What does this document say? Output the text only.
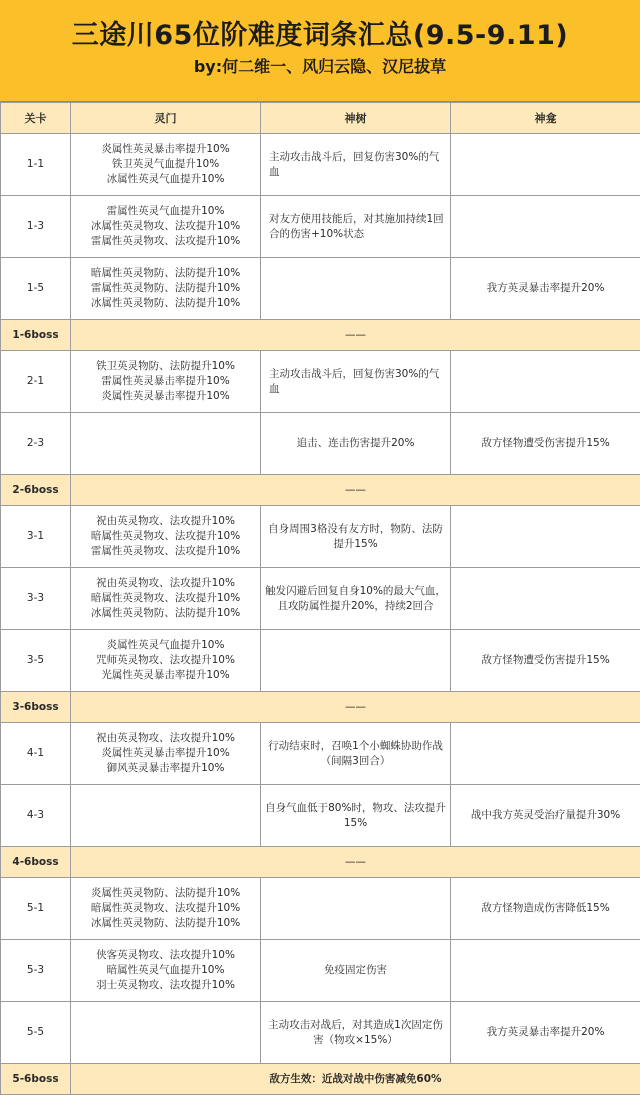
三途川65位阶难度词条汇总(9.5-9.11)
by:何二维一、风归云隐、汉尼拔草
关卡	灵门	神树	神龛
1-1	炎属性英灵暴击率提升10%
铁卫英灵气血提升10%
冰属性英灵气血提升10%	主动攻击战斗后，回复伤害30%的气血	
1-3	雷属性英灵气血提升10%
冰属性英灵物攻、法攻提升10%
雷属性英灵物攻、法攻提升10%	对友方使用技能后，对其施加持续1回合的伤害+10%状态	
1-5	暗属性英灵物防、法防提升10%
雷属性英灵物防、法防提升10%
冰属性英灵物防、法防提升10%		我方英灵暴击率提升20%
1-6boss	——		
2-1	铁卫英灵物防、法防提升10%
雷属性英灵暴击率提升10%
炎属性英灵暴击率提升10%	主动攻击战斗后，回复伤害30%的气血	
2-3		追击、连击伤害提升20%	敌方怪物遭受伤害提升15%
2-6boss	——		
3-1	祝由英灵物攻、法攻提升10%
暗属性英灵物攻、法攻提升10%
雷属性英灵物攻、法攻提升10%	自身周围3格没有友方时，物防、法防提升15%	
3-3	祝由英灵物攻、法攻提升10%
暗属性英灵物攻、法攻提升10%
冰属性英灵物防、法防提升10%	触发闪避后回复自身10%的最大气血，且攻防属性提升20%，持续2回合	
3-5	炎属性英灵气血提升10%
咒师英灵物攻、法攻提升10%
光属性英灵暴击率提升10%		敌方怪物遭受伤害提升15%
3-6boss	——		
4-1	祝由英灵物攻、法攻提升10%
炎属性英灵暴击率提升10%
御风英灵暴击率提升10%	行动结束时，召唤1个小蜘蛛协助作战（间隔3回合）	
4-3		自身气血低于80%时，物攻、法攻提升15%	战中我方英灵受治疗量提升30%
4-6boss	——		
5-1	炎属性英灵物防、法防提升10%
暗属性英灵物攻、法攻提升10%
冰属性英灵物防、法防提升10%		敌方怪物造成伤害降低15%
5-3	侠客英灵物攻、法攻提升10%
暗属性英灵气血提升10%
羽士英灵物攻、法攻提升10%	免疫固定伤害	
5-5		主动攻击对战后，对其造成1次固定伤害（物攻×15%）	我方英灵暴击率提升20%
5-6boss	敌方生效：近战对战中伤害减免60%		
